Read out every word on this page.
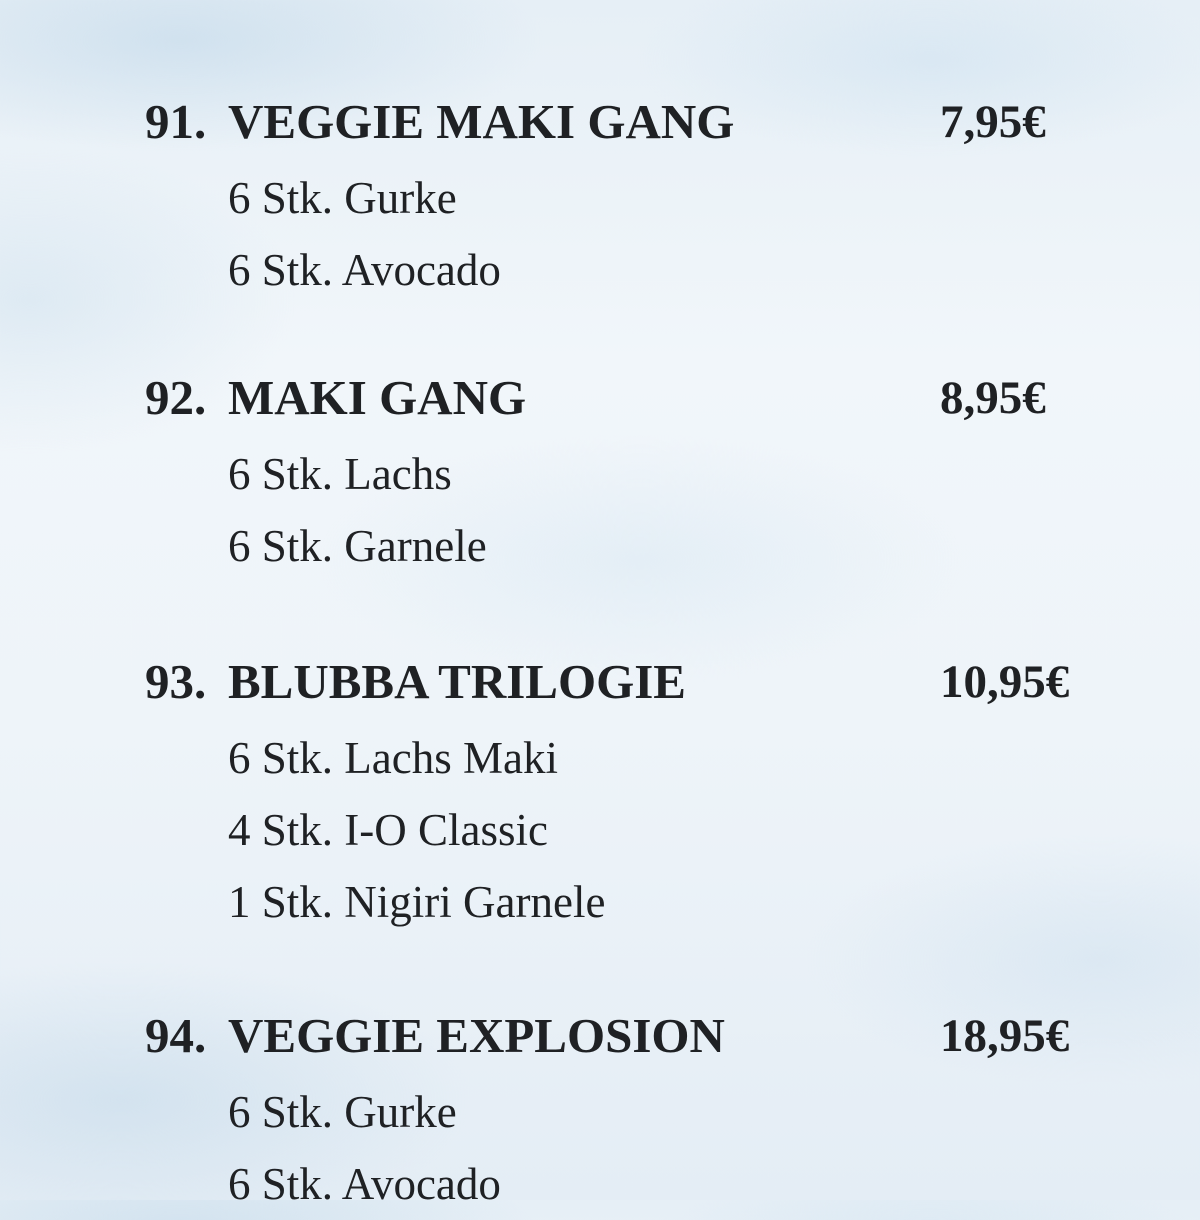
91. VEGGIE MAKI GANG	7,95€
6 Stk. Gurke
6 Stk. Avocado
92. MAKI GANG	8,95€
6 Stk. Lachs
6 Stk. Garnele
93. BLUBBA TRILOGIE	10,95€
6 Stk. Lachs Maki
4 Stk. I-O Classic
1 Stk. Nigiri Garnele
94. VEGGIE EXPLOSION	18,95€
6 Stk. Gurke
6 Stk. Avocado
